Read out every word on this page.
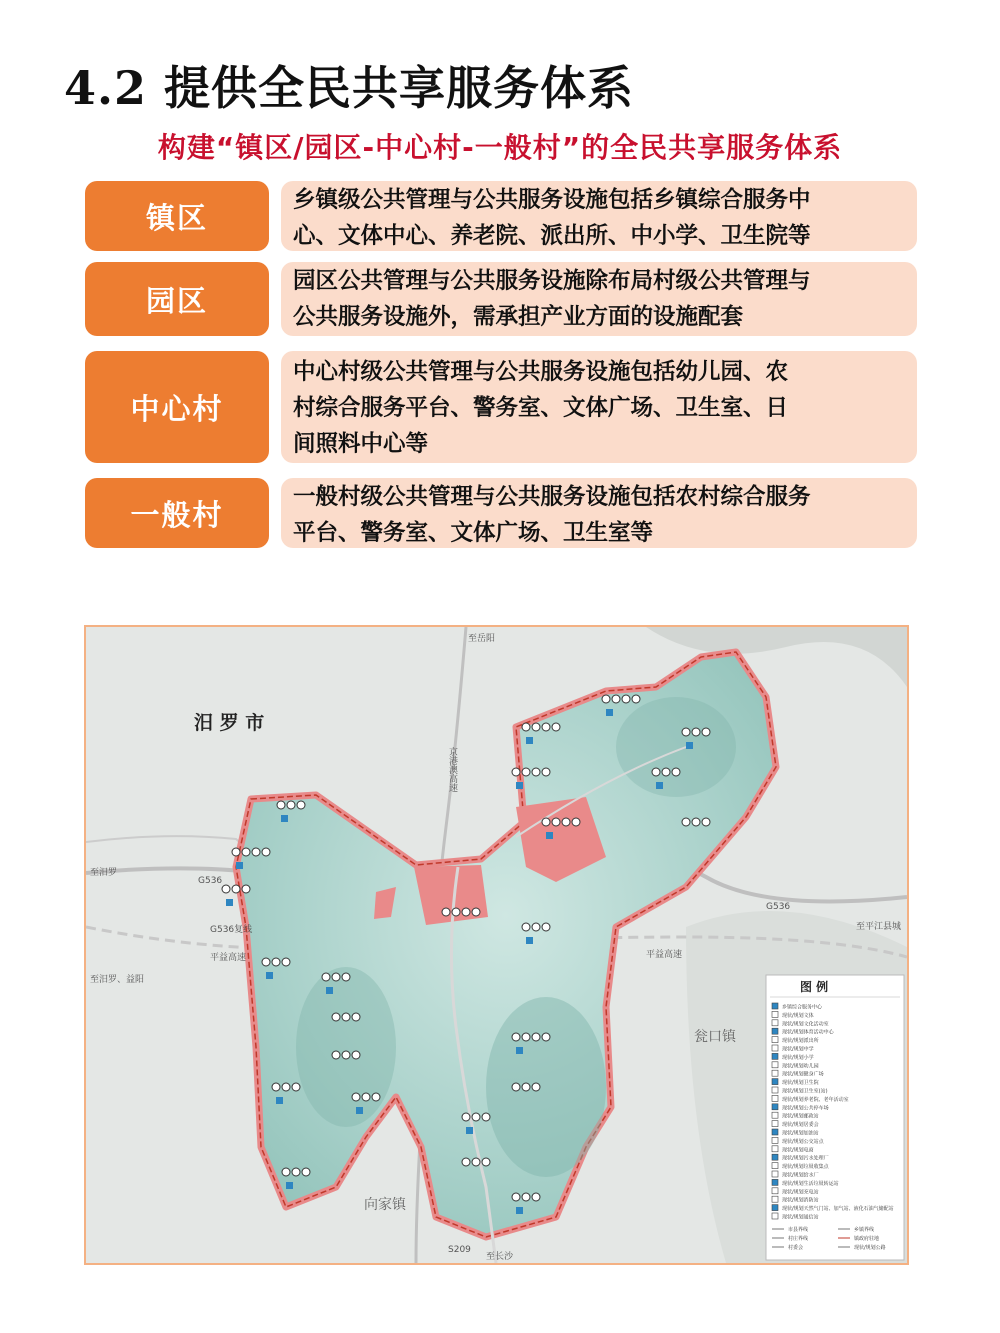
4.2 提供全民共享服务体系
构建“镇区/园区-中心村-一般村”的全民共享服务体系
镇区
乡镇级公共管理与公共服务设施包括乡镇综合服务中
心、文体中心、养老院、派出所、中小学、卫生院等
园区
园区公共管理与公共服务设施除布局村级公共管理与
公共服务设施外，需承担产业方面的设施配套
中心村
中心村级公共管理与公共服务设施包括幼儿园、农
村综合服务平台、警务室、文体广场、卫生室、日
间照料中心等
一般村
一般村级公共管理与公共服务设施包括农村综合服务
平台、警务室、文体广场、卫生室等
汨 罗 市
至岳阳
至汨罗
至汨罗、益阳
至平江县城
至长沙
G536
G536复线
G536
S209
平益高速	平益高速
京港澳高速
瓮口镇
向家镇
图 例
乡镇综合服务中心
现状/规划文体
现状/规划文化活动室
现状/规划体育活动中心
现状/规划派出所
现状/规划中学
现状/规划小学
现状/规划幼儿园
现状/规划健身广场
现状/规划卫生院
现状/规划卫生室(站)
现状/规划养老院、老年活动室
现状/规划公共停车场
现状/规划邮政站
现状/规划居委会
现状/规划加油站
现状/规划公交站点
现状/规划电商
现状/规划污水处理厂
现状/规划垃圾收集点
现状/规划给水厂
现状/规划生活垃圾转运站
现状/规划充电站
现状/规划消防站
现状/规划天然气门站、加气站、液化石油气储配站
现状/规划通信站
市县界线	乡镇界线
村庄界线	镇政府驻地
村委会	现状/规划公路
